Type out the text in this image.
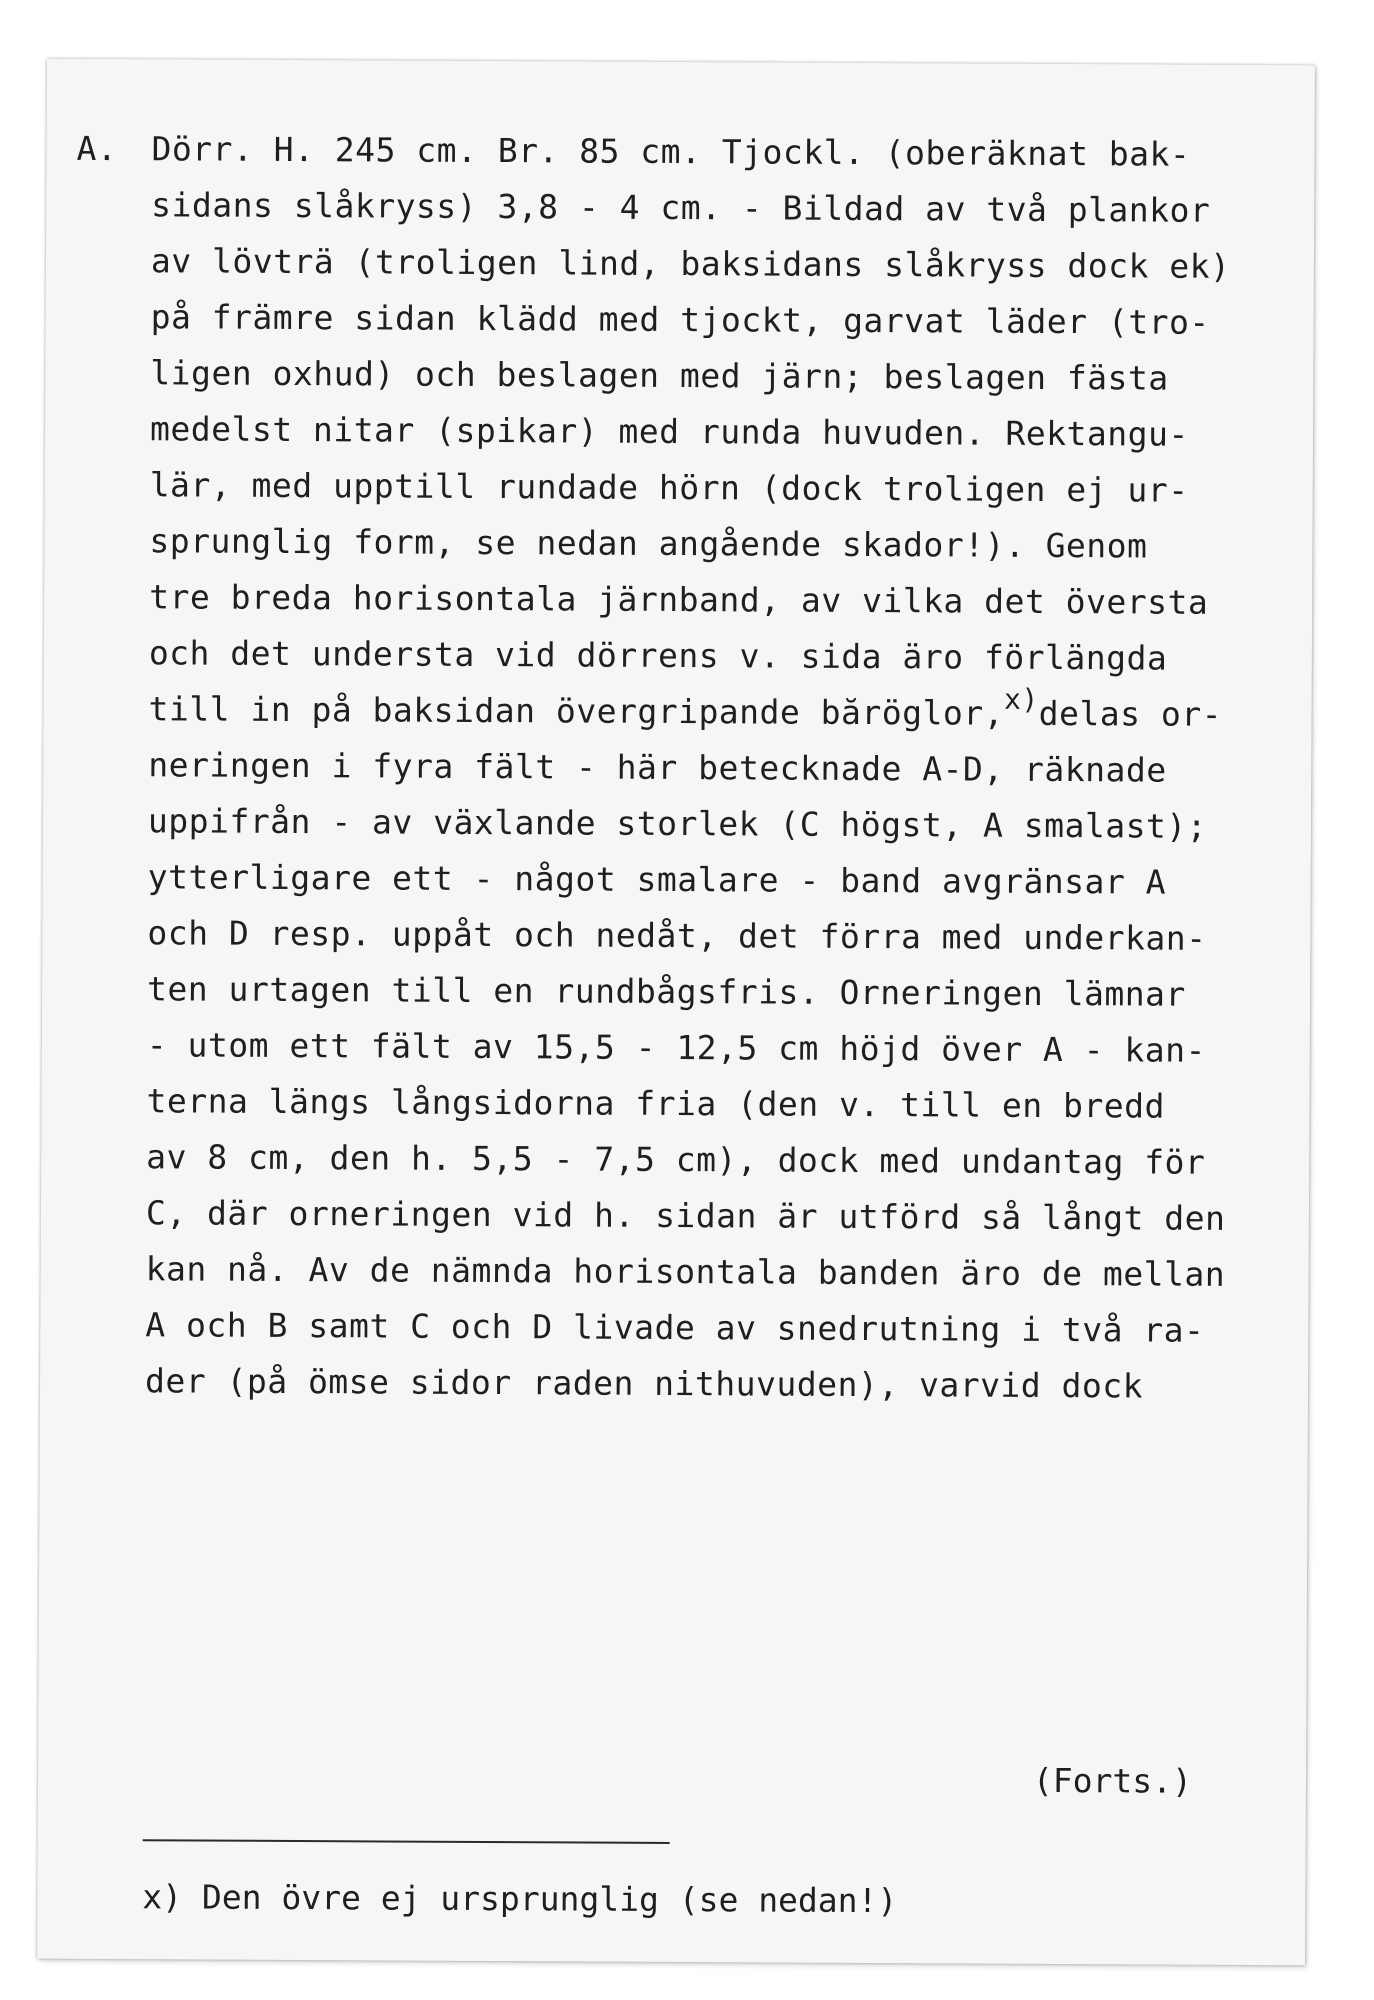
A. Dörr. H. 245 cm. Br. 85 cm. Tjockl. (oberäknat bak-
sidans slåkryss) 3,8 - 4 cm. - Bildad av två plankor
av lövträ (troligen lind, baksidans slåkryss dock ek)
på främre sidan klädd med tjockt, garvat läder (tro-
ligen oxhud) och beslagen med järn; beslagen fästa
medelst nitar (spikar) med runda huvuden. Rektangu-
lär, med upptill rundade hörn (dock troligen ej ur-
sprunglig form, se nedan angående skador!). Genom
tre breda horisontala järnband, av vilka det översta
och det understa vid dörrens v. sida äro förlängda
till in på baksidan övergripande băröglor,$^{x)}$delas or-
neringen i fyra fält - här betecknade A-D, räknade
uppifrån - av växlande storlek (C högst, A smalast);
ytterligare ett - något smalare - band avgränsar A
och D resp. uppåt och nedåt, det förra med underkan-
ten urtagen till en rundbågsfris. Orneringen lämnar
- utom ett fält av 15,5 - 12,5 cm höjd över A - kan-
terna längs långsidorna fria (den v. till en bredd
av 8 cm, den h. 5,5 - 7,5 cm), dock med undantag för
C, där orneringen vid h. sidan är utförd så långt den
kan nå. Av de nämnda horisontala banden äro de mellan
A och B samt C och D livade av snedrutning i två ra-
der (på ömse sidor raden nithuvuden), varvid dock
(Forts.)
x) Den övre ej ursprunglig (se nedan!)
